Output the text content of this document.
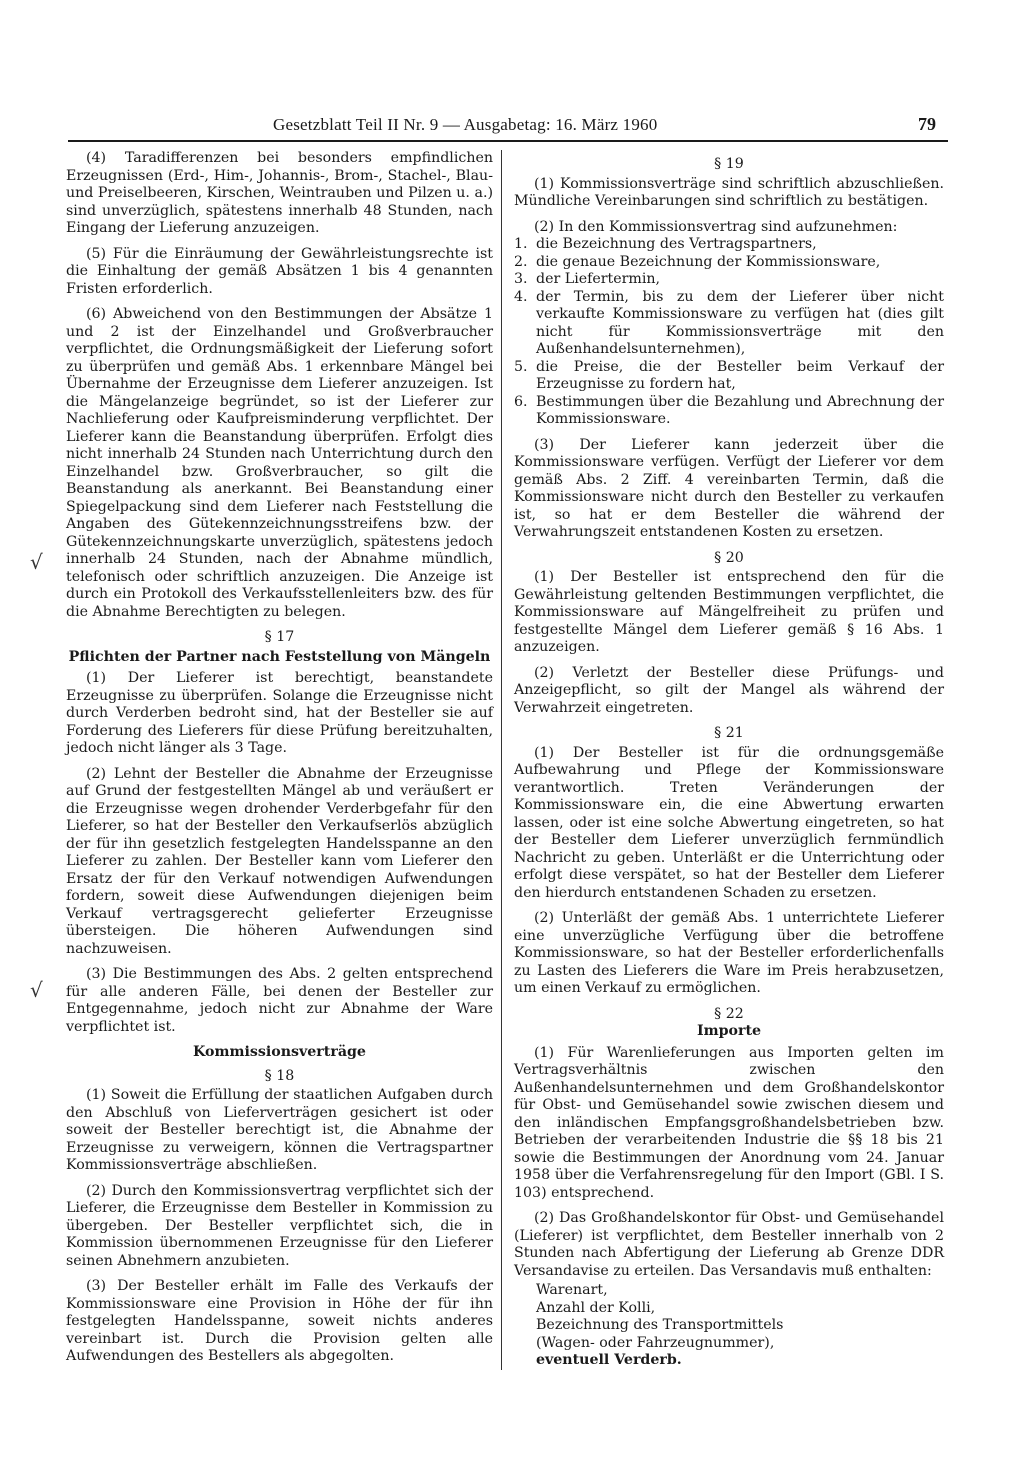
Gesetzblatt Teil II Nr. 9 — Ausgabetag: 16. März 1960	79
√
√

(4) Taradifferenzen bei besonders empfindlichen Erzeugnissen (Erd-, Him-, Johannis-, Brom-, Stachel-, Blau- und Preiselbeeren, Kirschen, Weintrauben und Pilzen u. a.) sind unverzüglich, spätestens innerhalb 48 Stunden, nach Eingang der Lieferung anzuzeigen.

(5) Für die Einräumung der Gewährleistungsrechte ist die Einhaltung der gemäß Absätzen 1 bis 4 genannten Fristen erforderlich.

(6) Abweichend von den Bestimmungen der Absätze 1 und 2 ist der Einzelhandel und Großverbraucher verpflichtet, die Ordnungsmäßigkeit der Lieferung sofort zu überprüfen und gemäß Abs. 1 erkennbare Mängel bei Übernahme der Erzeugnisse dem Lieferer anzuzeigen. Ist die Mängelanzeige begründet, so ist der Lieferer zur Nachlieferung oder Kaufpreisminderung verpflichtet. Der Lieferer kann die Beanstandung überprüfen. Erfolgt dies nicht innerhalb 24 Stunden nach Unterrichtung durch den Einzelhandel bzw. Großverbraucher, so gilt die Beanstandung als anerkannt. Bei Beanstandung einer Spiegelpackung sind dem Lieferer nach Feststellung die Angaben des Gütekennzeichnungsstreifens bzw. der Gütekennzeichnungskarte unverzüglich, spätestens jedoch innerhalb 24 Stunden, nach der Abnahme mündlich, telefonisch oder schriftlich anzuzeigen. Die Anzeige ist durch ein Protokoll des Verkaufsstellenleiters bzw. des für die Abnahme Berechtigten zu belegen.

§ 17
Pflichten der Partner nach Feststellung von Mängeln

(1) Der Lieferer ist berechtigt, beanstandete Erzeugnisse zu überprüfen. Solange die Erzeugnisse nicht durch Verderben bedroht sind, hat der Besteller sie auf Forderung des Lieferers für diese Prüfung bereitzuhalten, jedoch nicht länger als 3 Tage.

(2) Lehnt der Besteller die Abnahme der Erzeugnisse auf Grund der festgestellten Mängel ab und veräußert er die Erzeugnisse wegen drohender Verderbgefahr für den Lieferer, so hat der Besteller den Verkaufserlös abzüglich der für ihn gesetzlich festgelegten Handelsspanne an den Lieferer zu zahlen. Der Besteller kann vom Lieferer den Ersatz der für den Verkauf notwendigen Aufwendungen fordern, soweit diese Aufwendungen diejenigen beim Verkauf vertragsgerecht gelieferter Erzeugnisse übersteigen. Die höheren Aufwendungen sind nachzuweisen.

(3) Die Bestimmungen des Abs. 2 gelten entsprechend für alle anderen Fälle, bei denen der Besteller zur Entgegennahme, jedoch nicht zur Abnahme der Ware verpflichtet ist.

Kommissionsverträge
§ 18

(1) Soweit die Erfüllung der staatlichen Aufgaben durch den Abschluß von Lieferverträgen gesichert ist oder soweit der Besteller berechtigt ist, die Abnahme der Erzeugnisse zu verweigern, können die Vertragspartner Kommissionsverträge abschließen.

(2) Durch den Kommissionsvertrag verpflichtet sich der Lieferer, die Erzeugnisse dem Besteller in Kommission zu übergeben. Der Besteller verpflichtet sich, die in Kommission übernommenen Erzeugnisse für den Lieferer seinen Abnehmern anzubieten.

(3) Der Besteller erhält im Falle des Verkaufs der Kommissionsware eine Provision in Höhe der für ihn festgelegten Handelsspanne, soweit nichts anderes vereinbart ist. Durch die Provision gelten alle Aufwendungen des Bestellers als abgegolten.

§ 19

(1) Kommissionsverträge sind schriftlich abzuschließen. Mündliche Vereinbarungen sind schriftlich zu bestätigen.

(2) In den Kommissionsvertrag sind aufzunehmen:

1. die Bezeichnung des Vertragspartners,
2. die genaue Bezeichnung der Kommissionsware,
3. der Liefertermin,
4. der Termin, bis zu dem der Lieferer über nicht verkaufte Kommissionsware zu verfügen hat (dies gilt nicht für Kommissionsverträge mit den Außenhandelsunternehmen),
5. die Preise, die der Besteller beim Verkauf der Erzeugnisse zu fordern hat,
6. Bestimmungen über die Bezahlung und Abrechnung der Kommissionsware.

(3) Der Lieferer kann jederzeit über die Kommissionsware verfügen. Verfügt der Lieferer vor dem gemäß Abs. 2 Ziff. 4 vereinbarten Termin, daß die Kommissionsware nicht durch den Besteller zu verkaufen ist, so hat er dem Besteller die während der Verwahrungszeit entstandenen Kosten zu ersetzen.

§ 20

(1) Der Besteller ist entsprechend den für die Gewährleistung geltenden Bestimmungen verpflichtet, die Kommissionsware auf Mängelfreiheit zu prüfen und festgestellte Mängel dem Lieferer gemäß § 16 Abs. 1 anzuzeigen.

(2) Verletzt der Besteller diese Prüfungs- und Anzeigepflicht, so gilt der Mangel als während der Verwahrzeit eingetreten.

§ 21

(1) Der Besteller ist für die ordnungsgemäße Aufbewahrung und Pflege der Kommissionsware verantwortlich. Treten Veränderungen der Kommissionsware ein, die eine Abwertung erwarten lassen, oder ist eine solche Abwertung eingetreten, so hat der Besteller dem Lieferer unverzüglich fernmündlich Nachricht zu geben. Unterläßt er die Unterrichtung oder erfolgt diese verspätet, so hat der Besteller dem Lieferer den hierdurch entstandenen Schaden zu ersetzen.

(2) Unterläßt der gemäß Abs. 1 unterrichtete Lieferer eine unverzügliche Verfügung über die betroffene Kommissionsware, so hat der Besteller erforderlichenfalls zu Lasten des Lieferers die Ware im Preis herabzusetzen, um einen Verkauf zu ermöglichen.

§ 22
Importe

(1) Für Warenlieferungen aus Importen gelten im Vertragsverhältnis zwischen den Außenhandelsunternehmen und dem Großhandelskontor für Obst- und Gemüsehandel sowie zwischen diesem und den inländischen Empfangsgroßhandelsbetrieben bzw. Betrieben der verarbeitenden Industrie die §§ 18 bis 21 sowie die Bestimmungen der Anordnung vom 24. Januar 1958 über die Verfahrensregelung für den Import (GBl. I S. 103) entsprechend.

(2) Das Großhandelskontor für Obst- und Gemüsehandel (Lieferer) ist verpflichtet, dem Besteller innerhalb von 2 Stunden nach Abfertigung der Lieferung ab Grenze DDR Versandavise zu erteilen. Das Versandavis muß enthalten:

Warenart,
Anzahl der Kolli,
Bezeichnung des Transportmittels
(Wagen- oder Fahrzeugnummer),
eventuell Verderb.
